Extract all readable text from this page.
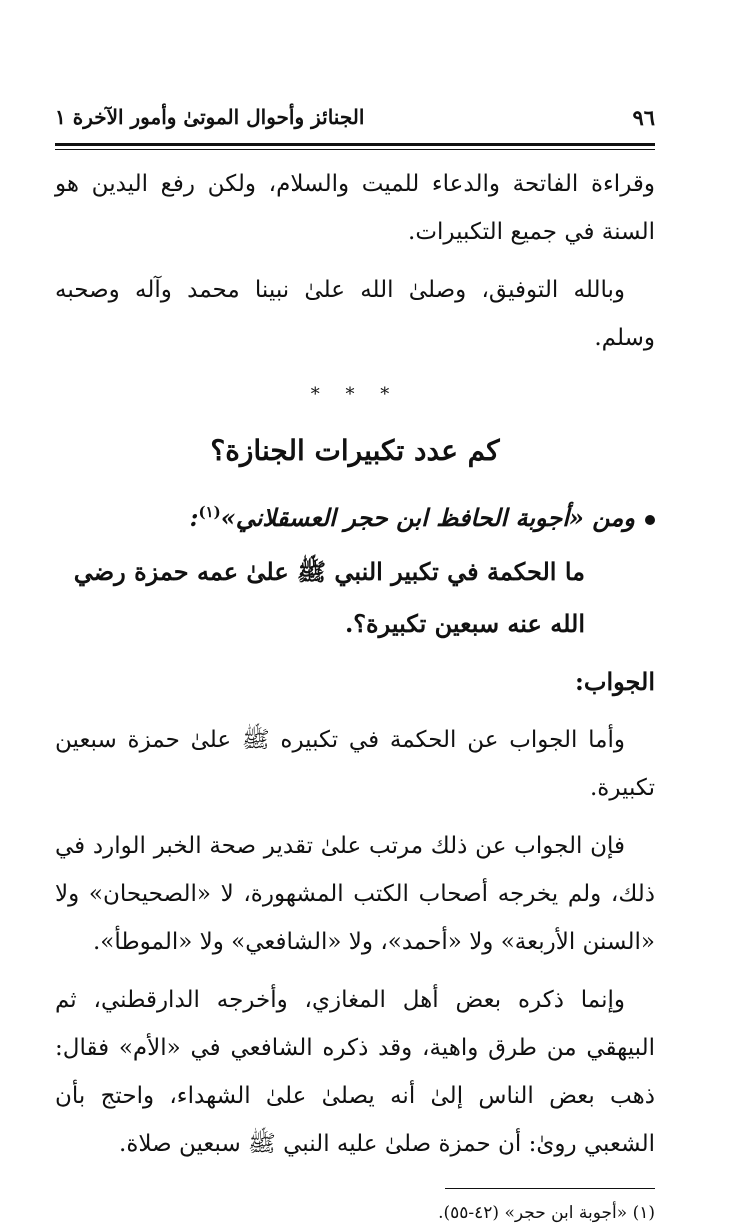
٩٦
الجنائز وأحوال الموتىٰ وأمور الآخرة ١

وقراءة الفاتحة والدعاء للميت والسلام، ولكن رفع اليدين هو السنة في جميع التكبيرات.

وبالله التوفيق، وصلىٰ الله علىٰ نبينا محمد وآله وصحبه وسلم.

* * *
كم عدد تكبيرات الجنازة؟
ومن «أجوبة الحافظ ابن حجر العسقلاني»$^{(١)}$:
ما الحكمة في تكبير النبي ﷺ علىٰ عمه حمزة رضي الله عنه سبعين تكبيرة؟.
الجواب:

وأما الجواب عن الحكمة في تكبيره ﷺ علىٰ حمزة سبعين تكبيرة.

فإن الجواب عن ذلك مرتب علىٰ تقدير صحة الخبر الوارد في ذلك، ولم يخرجه أصحاب الكتب المشهورة، لا «الصحيحان» ولا «السنن الأربعة» ولا «أحمد»، ولا «الشافعي» ولا «الموطأ».

وإنما ذكره بعض أهل المغازي، وأخرجه الدارقطني، ثم البيهقي من طرق واهية، وقد ذكره الشافعي في «الأم» فقال: ذهب بعض الناس إلىٰ أنه يصلىٰ علىٰ الشهداء، واحتج بأن الشعبي روىٰ: أن حمزة صلىٰ عليه النبي ﷺ سبعين صلاة.

(١) «أجوبة ابن حجر» (٤٢-٥٥).
